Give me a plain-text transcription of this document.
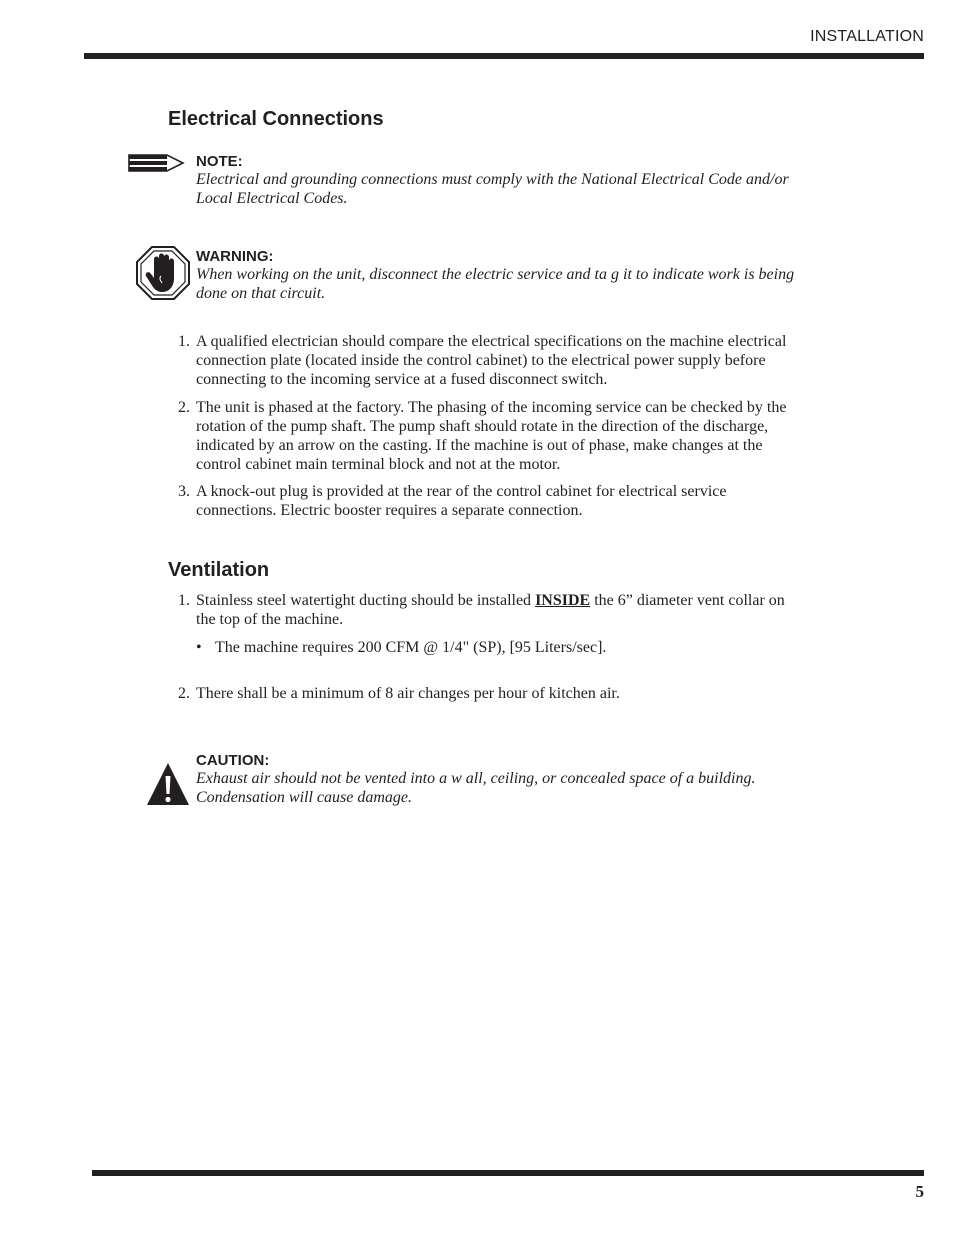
INSTALLATION
Electrical Connections
NOTE:
Electrical and grounding connections must comply with the National Electrical Code and/or
Local Electrical Codes.
WARNING:
When working on the unit, disconnect the electric service and ta g it to indicate work is being
done on that circuit.
1. A qualified electrician should compare the electrical specifications on the machine electrical
connection plate (located inside the control cabinet) to the electrical power supply before
connecting to the incoming service at a fused disconnect switch.
2. The unit is phased at the factory. The phasing of the incoming service can be checked by the
rotation of the pump shaft. The pump shaft should rotate in the direction of the discharge,
indicated by an arrow on the casting. If the machine is out of phase, make changes at the
control cabinet main terminal block and not at the motor.
3. A knock-out plug is provided at the rear of the control cabinet for electrical service
connections. Electric booster requires a separate connection.
Ventilation
1. Stainless steel watertight ducting should be installed INSIDE the 6” diameter vent collar on
the top of the machine.
• The machine requires 200 CFM @ 1/4" (SP), [95 Liters/sec].
2. There shall be a minimum of 8 air changes per hour of kitchen air.
CAUTION:
Exhaust air should not be vented into a w all, ceiling, or concealed space of a building.
Condensation will cause damage.
5
